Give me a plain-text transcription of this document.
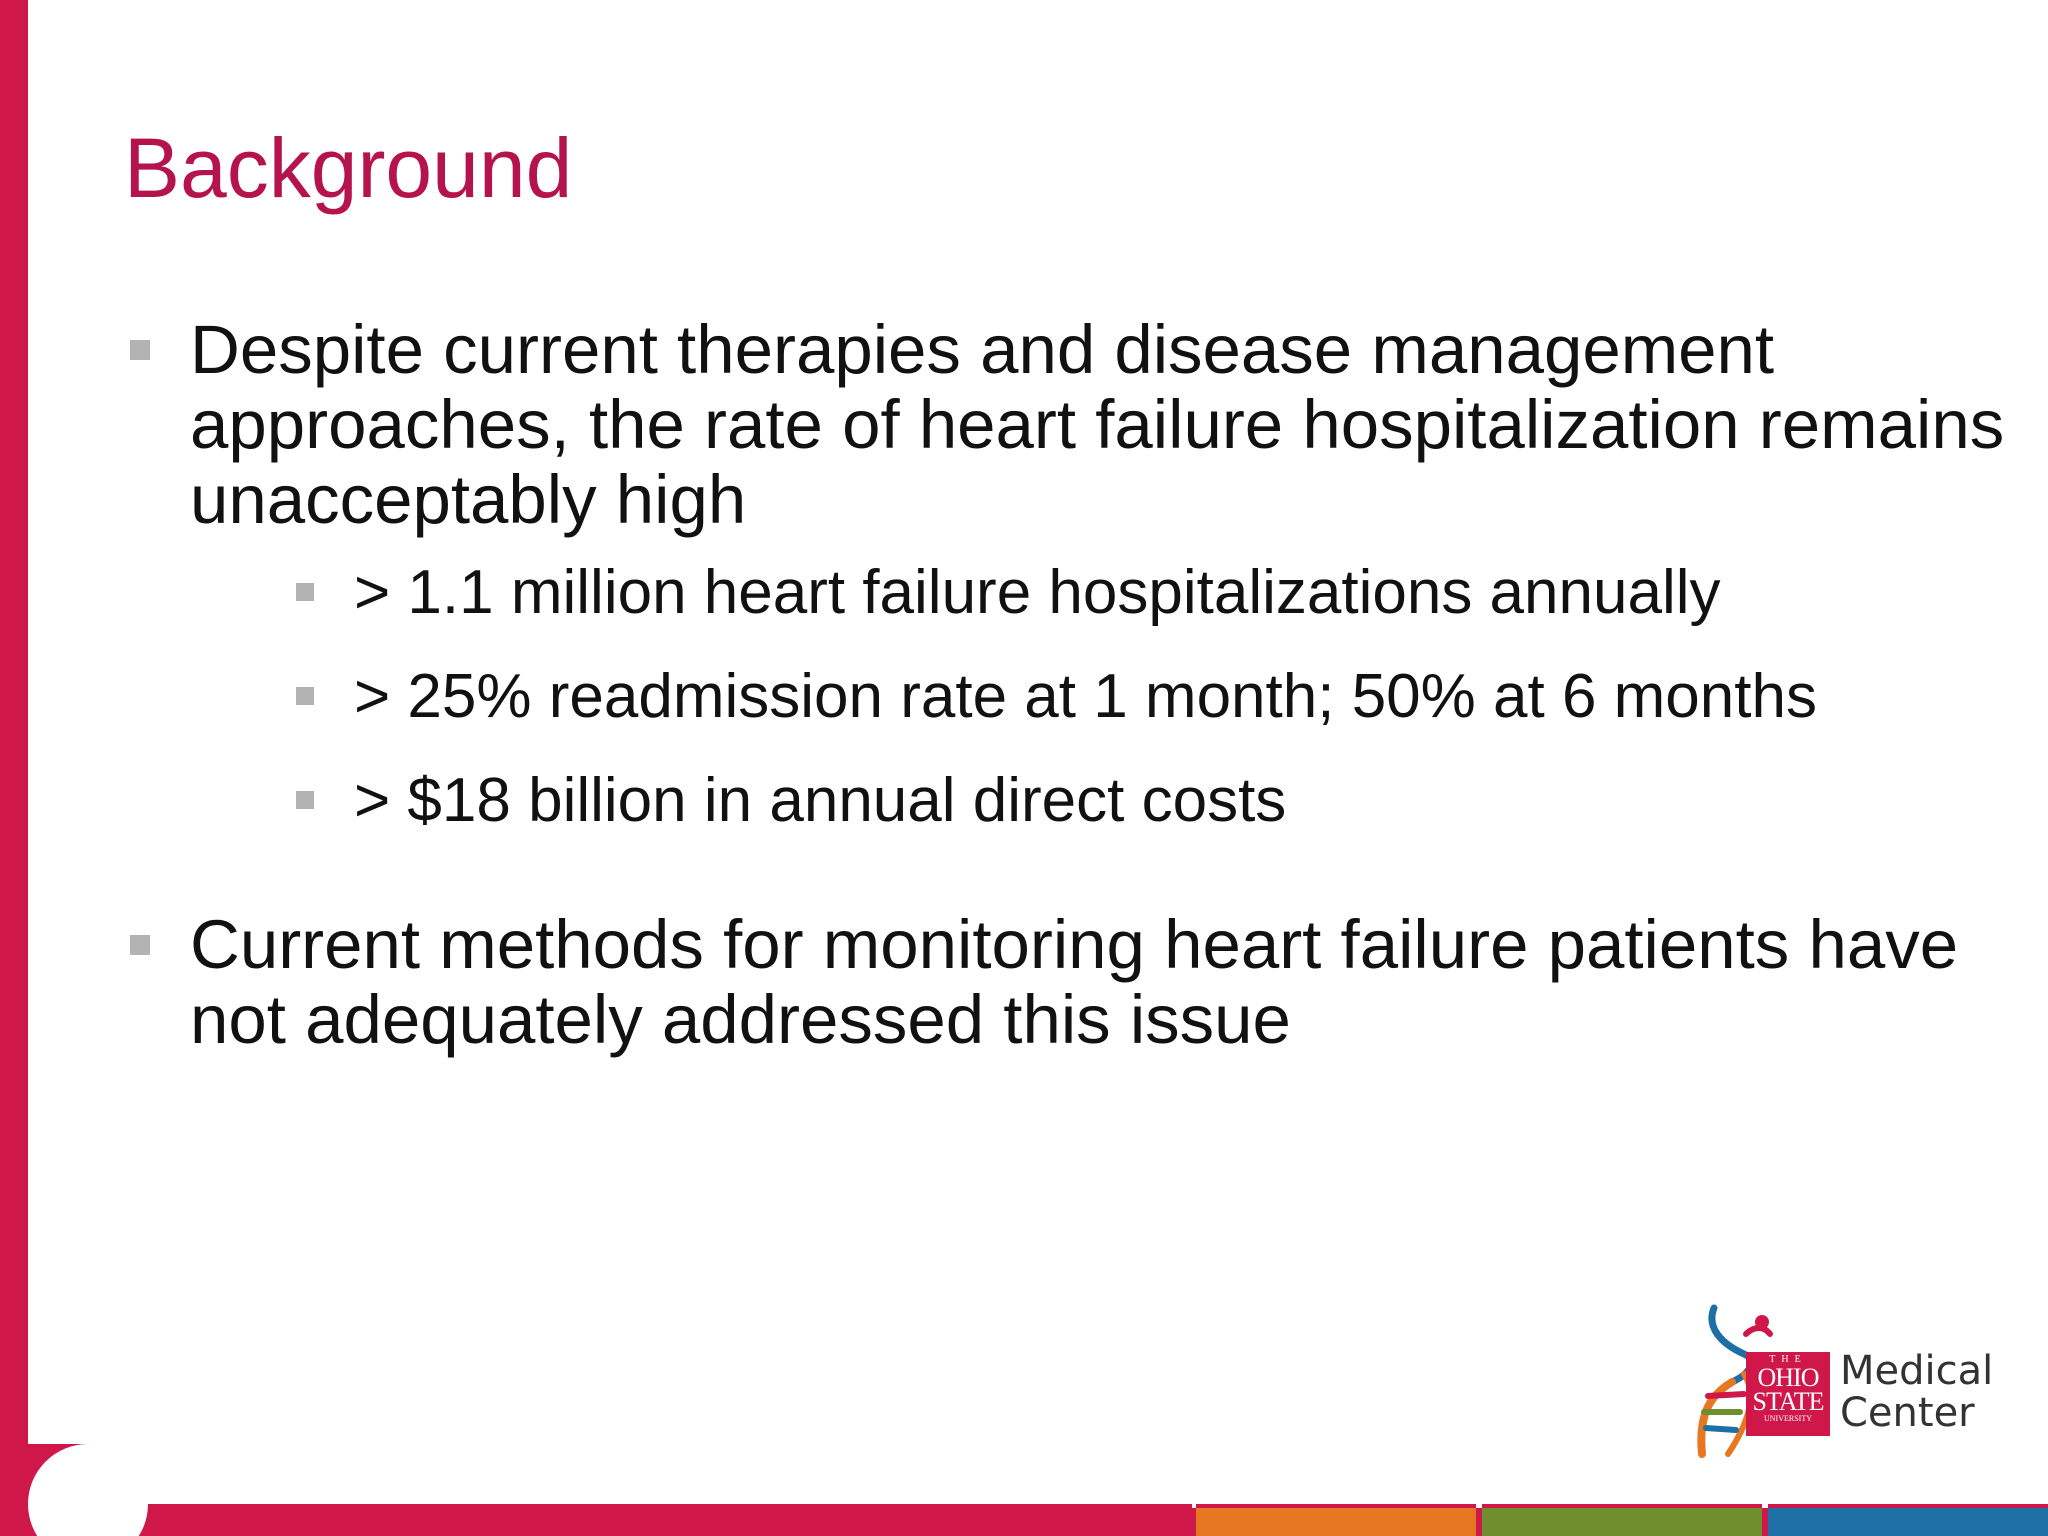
Background
Despite current therapies and disease management approaches, the rate of heart failure hospitalization remains unacceptably high
> 1.1 million heart failure hospitalizations annually
> 25% readmission rate at 1 month; 50% at 6 months
> $18 billion in annual direct costs
Current methods for monitoring heart failure patients have not adequately addressed this issue
THE
OHIO
STATE
UNIVERSITY
Medical
Center
